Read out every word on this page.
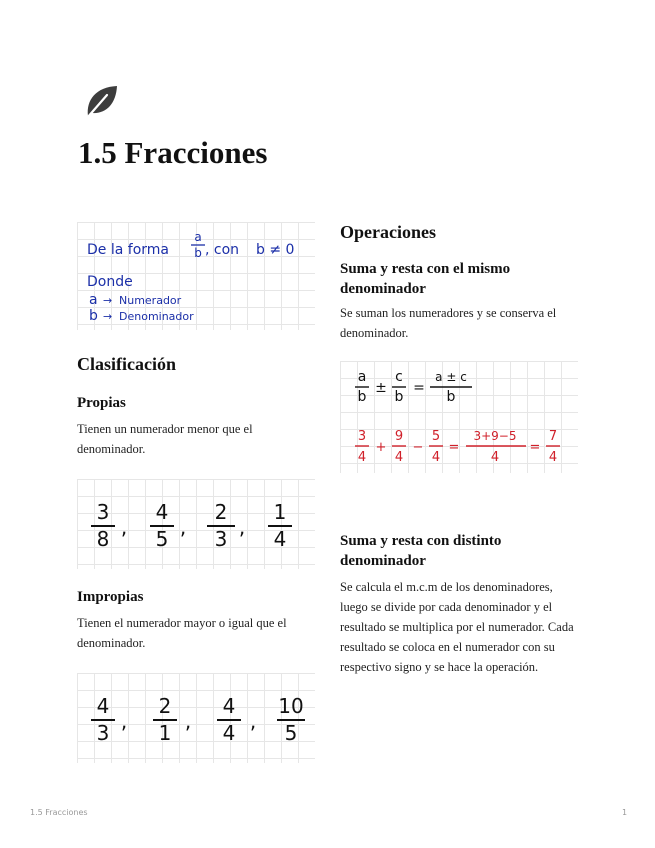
1.5 Fracciones
De la forma
a
b , con b ≠ 0
Donde
a → Numerador
b → Denominador
Clasificación
Propias

Tienen un numerador menor que el denominador.

3
8
4
5
2
3
1
4
,	,	,
Impropias

Tienen el numerador mayor o igual que el denominador.

4
3
2
1
4
4
10
5
,	,	,
Operaciones
Suma y resta con el mismo denominador

Se suman los numeradores y se conserva el denominador.

a
b
±
c
b
=
a ± c
b
3
4
+
9
4
−
5
4
=
3+9−5
4
=
7
4
Suma y resta con distinto denominador

Se calcula el m.c.m de los denominadores, luego se divide por cada denominador y el resultado se multiplica por el numerador. Cada resultado se coloca en el numerador con su respectivo signo y se hace la operación.

1.5 Fracciones	1
